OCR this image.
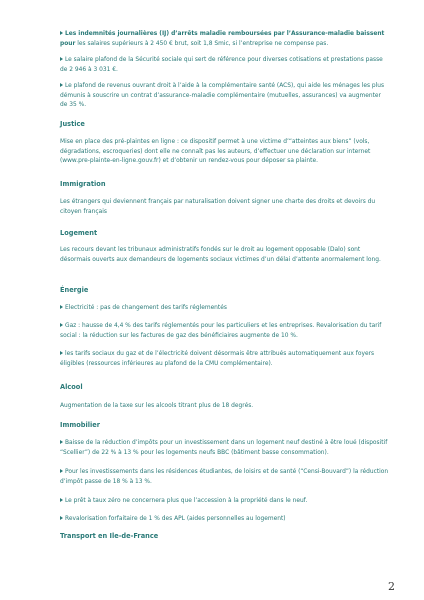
Les indemnités journalières (IJ) d’arrêts maladie remboursées par l’Assurance-maladie baissent pour les salaires supérieurs à 2 450 € brut, soit 1,8 Smic, si l’entreprise ne compense pas.

Le salaire plafond de la Sécurité sociale qui sert de référence pour diverses cotisations et prestations passe de 2 946 à 3 031 €.

Le plafond de revenus ouvrant droit à l’aide à la complémentaire santé (ACS), qui aide les ménages les plus démunis à souscrire un contrat d’assurance-maladie complémentaire (mutuelles, assurances) va augmenter de 35 %.

Justice

Mise en place des pré-plaintes en ligne : ce dispositif permet à une victime d’“atteintes aux biens” (vols, dégradations, escroqueries) dont elle ne connaît pas les auteurs, d’effectuer une déclaration sur internet (www.pre-plainte-en-ligne.gouv.fr) et d’obtenir un rendez-vous pour déposer sa plainte.

Immigration

Les étrangers qui deviennent français par naturalisation doivent signer une charte des droits et devoirs du citoyen français

Logement

Les recours devant les tribunaux administratifs fondés sur le droit au logement opposable (Dalo) sont désormais ouverts aux demandeurs de logements sociaux victimes d’un délai d’attente anormalement long.

Énergie

Electricité : pas de changement des tarifs réglementés

Gaz : hausse de 4,4 % des tarifs réglementés pour les particuliers et les entreprises. Revalorisation du tarif social : la réduction sur les factures de gaz des bénéficiaires augmente de 10 %.

les tarifs sociaux du gaz et de l’électricité doivent désormais être attribués automatiquement aux foyers éligibles (ressources inférieures au plafond de la CMU complémentaire).

Alcool

Augmentation de la taxe sur les alcools titrant plus de 18 degrés.

Immobilier

Baisse de la réduction d’impôts pour un investissement dans un logement neuf destiné à être loué (dispositif “Scellier”) de 22 % à 13 % pour les logements neufs BBC (bâtiment basse consommation).

Pour les investissements dans les résidences étudiantes, de loisirs et de santé (“Censi-Bouvard”) la réduction d’impôt passe de 18 % à 13 %.

Le prêt à taux zéro ne concernera plus que l’accession à la propriété dans le neuf.

Revalorisation forfaitaire de 1 % des APL (aides personnelles au logement)

Transport en Ile-de-France
2
